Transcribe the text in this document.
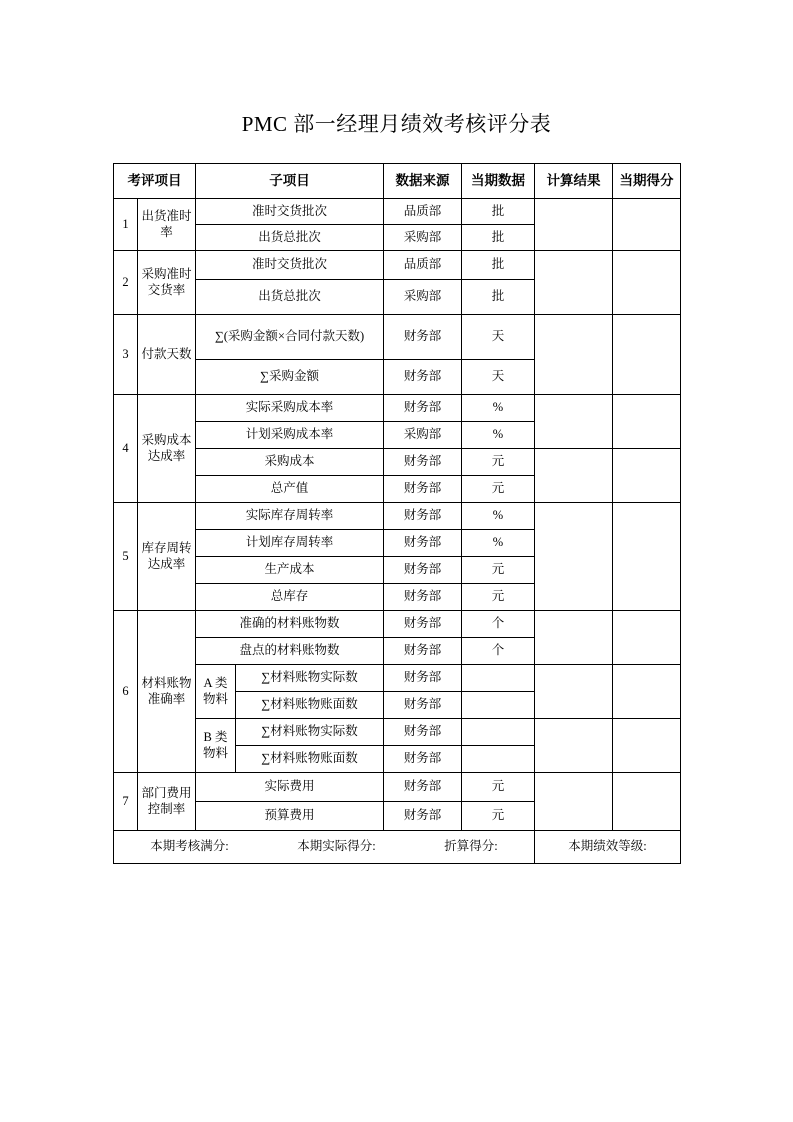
PMC 部一经理月绩效考核评分表
考评项目		子项目		数据来源	当期数据	计算结果	当期得分
1	出货准时率	准时交货批次		品质部	批		
		出货总批次		采购部	批		
2	采购准时交货率	准时交货批次		品质部	批		
		出货总批次		采购部	批		
3	付款天数	∑(采购金额×合同付款天数)		财务部	天		
		∑采购金额		财务部	天		
4	采购成本达成率	实际采购成本率		财务部	%		
		计划采购成本率		采购部	%		
		采购成本		财务部	元		
		总产值		财务部	元		
5	库存周转达成率	实际库存周转率		财务部	%		
		计划库存周转率		财务部	%		
		生产成本		财务部	元		
		总库存		财务部	元		
6	材料账物准确率	准确的材料账物数		财务部	个		
		盘点的材料账物数		财务部	个		
		A 类物料	∑材料账物实际数	财务部			
			∑材料账物账面数	财务部			
		B 类物料	∑材料账物实际数	财务部			
			∑材料账物账面数	财务部			
7	部门费用控制率	实际费用		财务部	元		
		预算费用		财务部	元		

本期考核满分: 本期实际得分: 折算得分:						本期绩效等级:	
